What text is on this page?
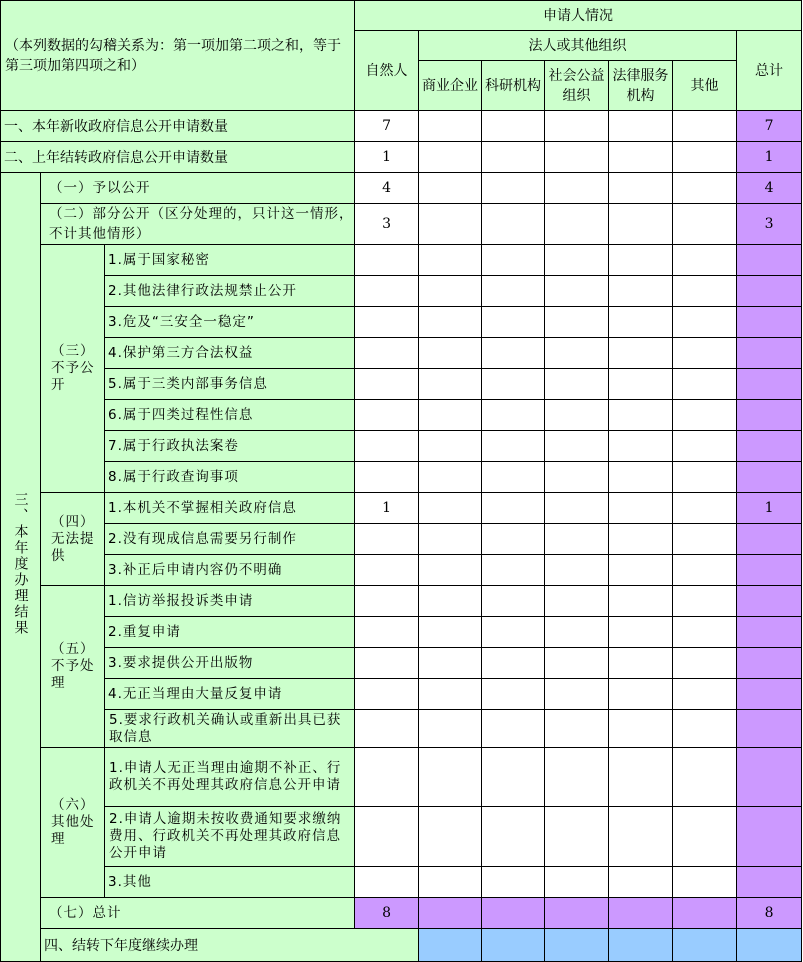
（本列数据的勾稽关系为：第一项加第二项之和，等于第三项加第四项之和）			申请人情况							
			自然人	法人或其他组织					总计	
				商业企业	科研机构	社会公益组织	法律服务机构	其他		
一、本年新收政府信息公开申请数量			7						7	
二、上年结转政府信息公开申请数量			1						1	
三、本年度办理结果	（一）予以公开		4						4	
	（二）部分公开（区分处理的，只计这一情形，不计其他情形）		3						3	
	（三）不予公开	1.属于国家秘密								
		2.其他法律行政法规禁止公开								
		3.危及“三安全一稳定”								
		4.保护第三方合法权益								
		5.属于三类内部事务信息								
		6.属于四类过程性信息								
		7.属于行政执法案卷								
		8.属于行政查询事项								
	（四）无法提供	1.本机关不掌握相关政府信息	1						1	
		2.没有现成信息需要另行制作								
		3.补正后申请内容仍不明确								
	（五）不予处理	1.信访举报投诉类申请								
		2.重复申请								
		3.要求提供公开出版物								
		4.无正当理由大量反复申请								
		5.要求行政机关确认或重新出具已获取信息								
	（六）其他处理	1.申请人无正当理由逾期不补正、行政机关不再处理其政府信息公开申请								
		2.申请人逾期未按收费通知要求缴纳费用、行政机关不再处理其政府信息公开申请								
		3.其他								
	（七）总计		8						8	
	四、结转下年度继续办理									
